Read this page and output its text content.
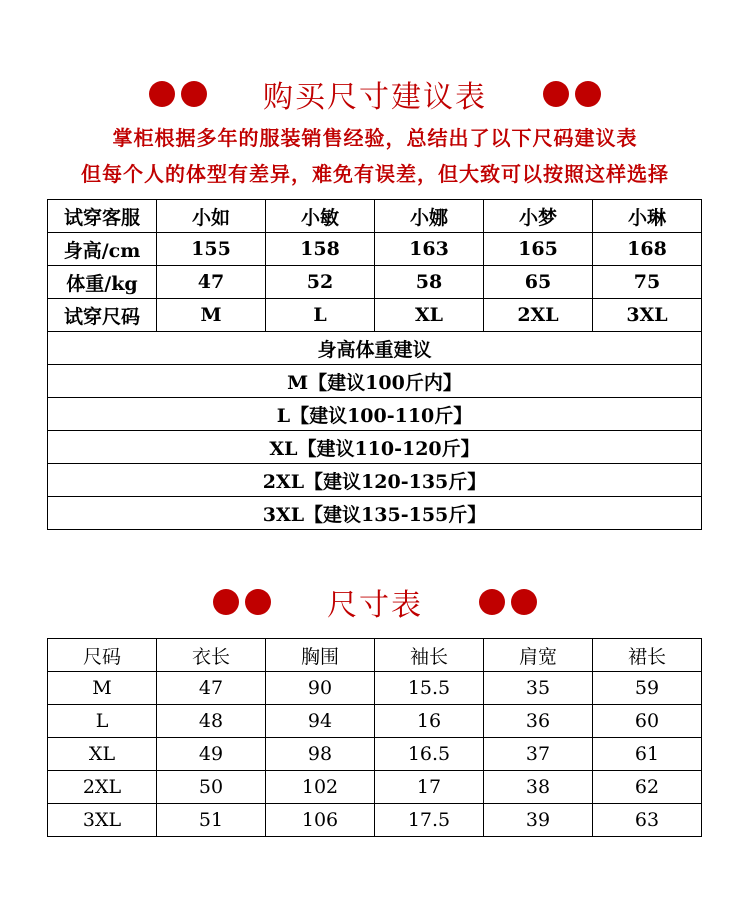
购买尺寸建议表
掌柜根据多年的服装销售经验，总结出了以下尺码建议表
但每个人的体型有差异，难免有误差，但大致可以按照这样选择
试穿客服	小如	小敏	小娜	小梦	小琳
身高/cm	155	158	163	165	168
体重/kg	47	52	58	65	75
试穿尺码	M	L	XL	2XL	3XL
身高体重建议					
M【建议100斤内】					
L【建议100-110斤】					
XL【建议110-120斤】					
2XL【建议120-135斤】					
3XL【建议135-155斤】					
尺寸表
尺码	衣长	胸围	袖长	肩宽	裙长
M	47	90	15.5	35	59
L	48	94	16	36	60
XL	49	98	16.5	37	61
2XL	50	102	17	38	62
3XL	51	106	17.5	39	63
